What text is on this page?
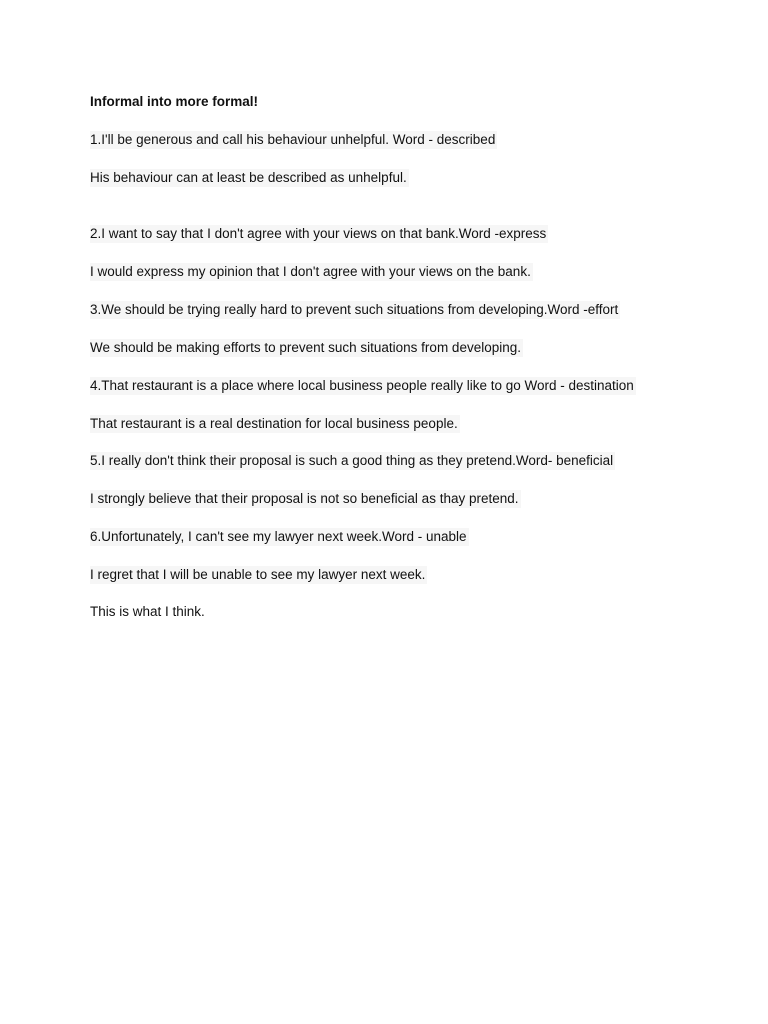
Informal into more formal!
1.I'll be generous and call his behaviour unhelpful. Word - described
His behaviour can at least be described as unhelpful.
2.I want to say that I don't agree with your views on that bank.Word -express
I would express my opinion that I don't agree with your views on the bank.
3.We should be trying really hard to prevent such situations from developing.Word -effort
We should be making efforts to prevent such situations from developing.
4.That restaurant is a place where local business people really like to go Word - destination
That restaurant is a real destination for local business people.
5.I really don't think their proposal is such a good thing as they pretend.Word- beneficial
I strongly believe that their proposal is not so beneficial as thay pretend.
6.Unfortunately, I can't see my lawyer next week.Word - unable
I regret that I will be unable to see my lawyer next week.
This is what I think.
